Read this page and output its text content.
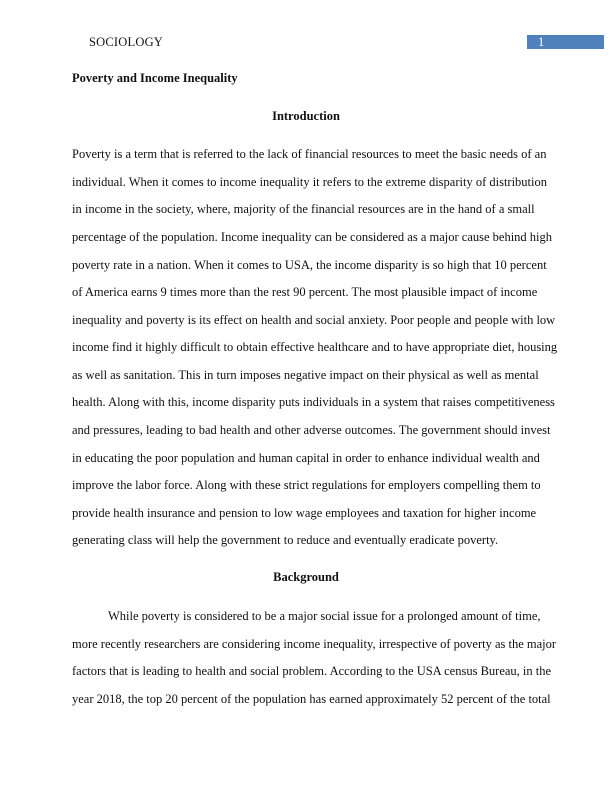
SOCIOLOGY	1
Poverty and Income Inequality
Introduction
Poverty is a term that is referred to the lack of financial resources to meet the basic needs of an
individual. When it comes to income inequality it refers to the extreme disparity of distribution
in income in the society, where, majority of the financial resources are in the hand of a small
percentage of the population. Income inequality can be considered as a major cause behind high
poverty rate in a nation. When it comes to USA, the income disparity is so high that 10 percent
of America earns 9 times more than the rest 90 percent. The most plausible impact of income
inequality and poverty is its effect on health and social anxiety. Poor people and people with low
income find it highly difficult to obtain effective healthcare and to have appropriate diet, housing
as well as sanitation. This in turn imposes negative impact on their physical as well as mental
health. Along with this, income disparity puts individuals in a system that raises competitiveness
and pressures, leading to bad health and other adverse outcomes. The government should invest
in educating the poor population and human capital in order to enhance individual wealth and
improve the labor force. Along with these strict regulations for employers compelling them to
provide health insurance and pension to low wage employees and taxation for higher income
generating class will help the government to reduce and eventually eradicate poverty.
Background
While poverty is considered to be a major social issue for a prolonged amount of time,
more recently researchers are considering income inequality, irrespective of poverty as the major
factors that is leading to health and social problem. According to the USA census Bureau, in the
year 2018, the top 20 percent of the population has earned approximately 52 percent of the total
